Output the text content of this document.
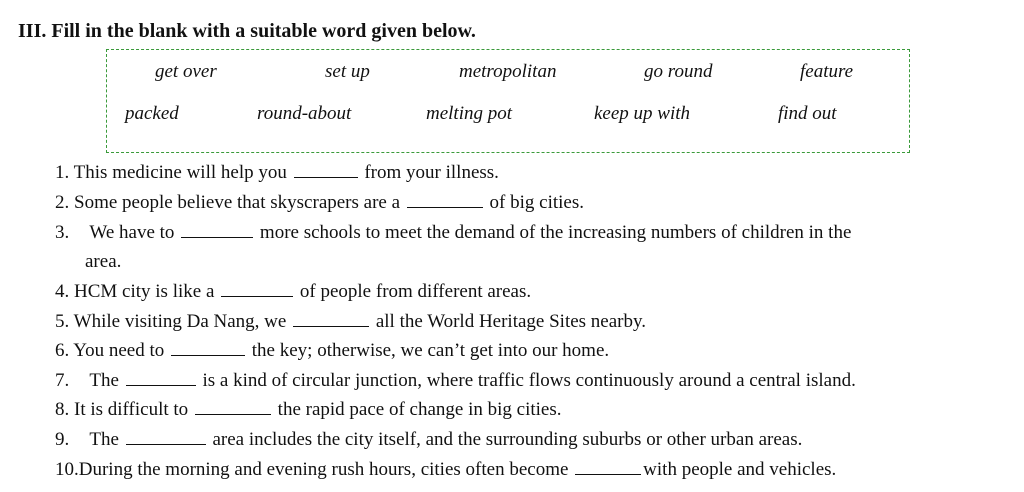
III. Fill in the blank with a suitable word given below.
get over	set up	metropolitan	go round	feature
packed	round-about	melting pot	keep up with	find out
1. This medicine will help you	from your illness.
2. Some people believe that skyscrapers are a	of big cities.
3. We have to	more schools to meet the demand of the increasing numbers of children in the
area.
4. HCM city is like a	of people from different areas.
5. While visiting Da Nang, we	all the World Heritage Sites nearby.
6. You need to	the key; otherwise, we can’t get into our home.
7. The	is a kind of circular junction, where traffic flows continuously around a central island.
8. It is difficult to	the rapid pace of change in big cities.
9. The	area includes the city itself, and the surrounding suburbs or other urban areas.
10.During the morning and evening rush hours, cities often become	with people and vehicles.
